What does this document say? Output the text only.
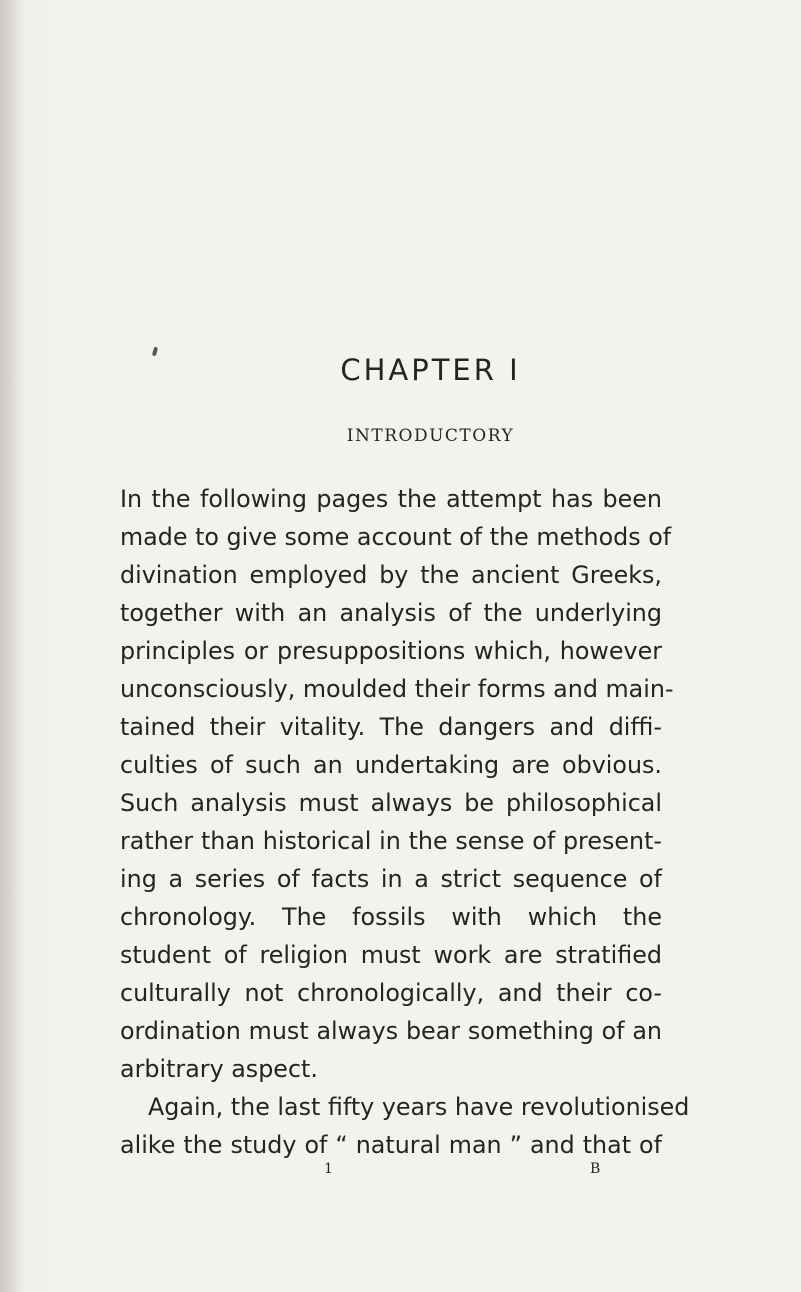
CHAPTER I
INTRODUCTORY
In the following pages the attempt has been
made to give some account of the methods of
divination employed by the ancient Greeks,
together with an analysis of the underlying
principles or presuppositions which, however
unconsciously, moulded their forms and main-
tained their vitality. The dangers and diffi-
culties of such an undertaking are obvious.
Such analysis must always be philosophical
rather than historical in the sense of present-
ing a series of facts in a strict sequence of
chronology. The fossils with which the
student of religion must work are stratified
culturally not chronologically, and their co-
ordination must always bear something of an
arbitrary aspect.
Again, the last fifty years have revolutionised
alike the study of “ natural man ” and that of
1	B
